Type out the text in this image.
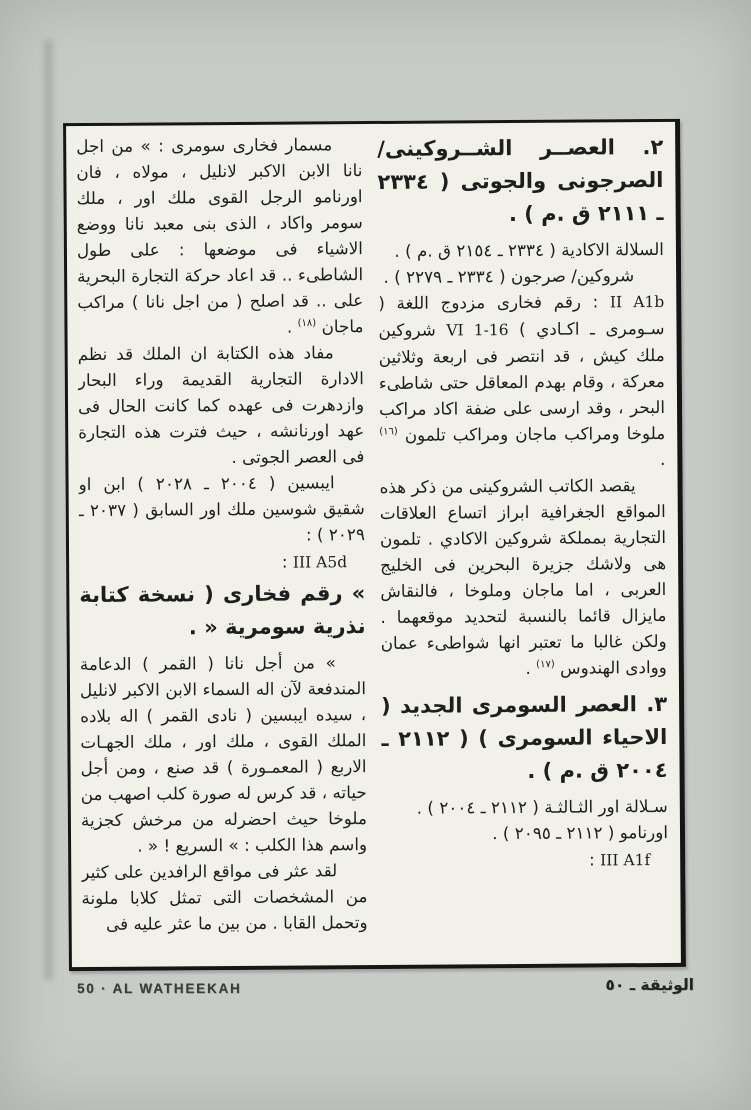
٢. العصــر الشــروكينى/ الصرجونى والجوتى ( ٢٣٣٤ ـ ٢١١١ ق .م ) .

السلالة الاكادية ( ٢٣٣٤ ـ ٢١٥٤ ق .م ) .

شروكين/ صرجون ( ٢٣٣٤ ـ ٢٢٧٩ ) .

II A1b : رقم فخارى مزدوج اللغة ( سـومرى ـ اكـادي ) VI 1-16 شروكين ملك كيش ، قد انتصر فى اربعة وثلاثين معركة ، وقام بهدم المعاقل حتى شاطىء البحر ، وقد ارسى على ضفة اكاد مراكب ملوخا ومراكب ماجان ومراكب تلمون $^{(١٦)}$ .

يقصد الكاتب الشروكينى من ذكر هذه المواقع الجغرافية ابراز اتساع العلاقات التجارية بمملكة شروكين الاكادي . تلمون هى ولاشك جزيرة البحرين فى الخليج العربى ، اما ماجان وملوخا ، فالنقاش مايزال قائما بالنسبة لتحديد موقعهما . ولكن غالبا ما تعتبر انها شواطىء عمان ووادى الهندوس $^{(١٧)}$ .

٣. العصر السومرى الجديد ( الاحياء السومرى ) ( ٢١١٢ ـ ٢٠٠٤ ق .م ) .

سـلالة اور الثـالثـة ( ٢١١٢ ـ ٢٠٠٤ ) .

اورنامو ( ٢١١٢ ـ ٢٠٩٥ ) .

III A1f :

مسمار فخارى سومرى : » من اجل نانا الابن الاكبر لانليل ، مولاه ، فان اورنامو الرجل القوى ملك اور ، ملك سومر واكاد ، الذى بنى معبد نانا ووضع الاشياء فى موضعها : على طول الشاطىء .. قد اعاد حركة التجارة البحرية على .. قد اصلح ( من اجل نانا ) مراكب ماجان $^{(١٨)}$ .

مفاد هذه الكتابة ان الملك قد نظم الادارة التجارية القديمة وراء البحار وازدهرت فى عهده كما كانت الحال فى عهد اورنانشه ، حيث فترت هذه التجارة فى العصر الجوتى .

ايبسين ( ٢٠٠٤ ـ ٢٠٢٨ ) ابن او شقيق شوسين ملك اور السابق ( ٢٠٣٧ ـ ٢٠٢٩ ) :

III A5d :

» رقم فخارى ( نسخة كتابة نذرية سومرية « .

» من أجل نانا ( القمر ) الدعامة المندفعة لآن اله السماء الابن الاكبر لانليل ، سيده ايبسين ( نادى القمر ) اله بلاده الملك القوى ، ملك اور ، ملك الجهـات الاربع ( المعمـورة ) قد صنع ، ومن أجل حياته ، قد كرس له صورة كلب اصهب من ملوخا حيث احضرله من مرخش كجزية واسم هذا الكلب : » السريع ! « .

لقد عثر فى مواقع الرافدين على كثير من المشخصات التى تمثل كلابا ملونة وتحمل القابا . من بين ما عثر عليه فى

50 · AL WATHEEKAH	الوثيقة ـ ٥٠
